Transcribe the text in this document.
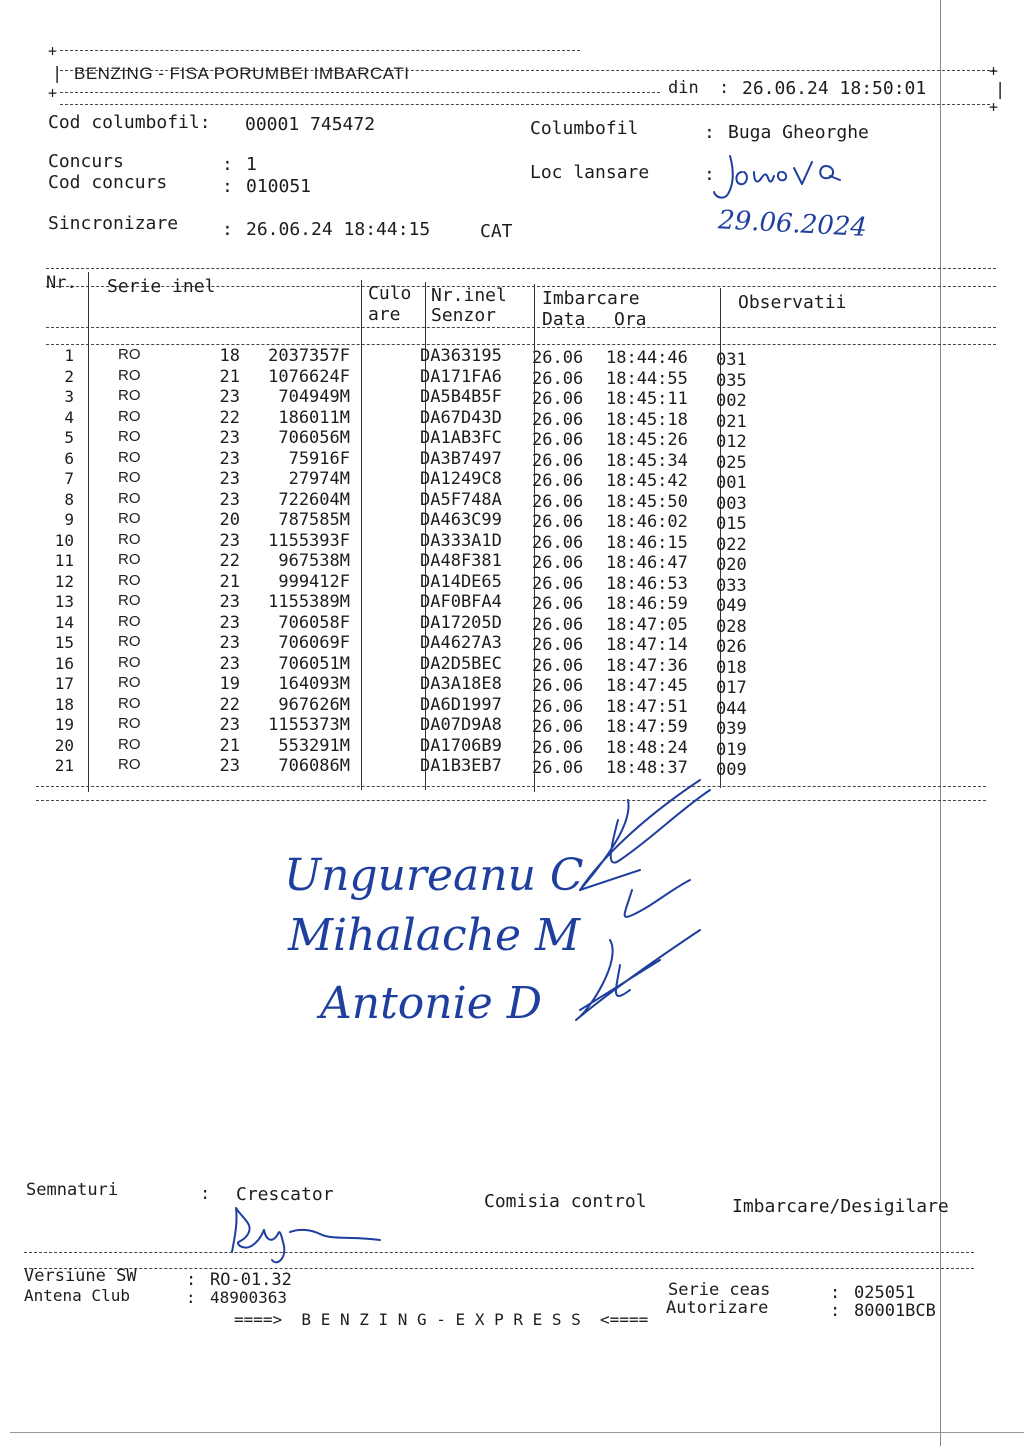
+
+
| BENZING - FISA PORUMBEI IMBARCATI
din : 26.06.24 18:50:01	|
+
+
Cod columbofil: 00001 745472	Columbofil	: Buga Gheorghe
Concurs	: 1
Cod concurs	: 010051
Loc lansare	:
Sincronizare : 26.06.24 18:44:15	CAT	29.06.2024
Nr. Serie inel	Culo
are
Nr.inel
Senzor
Imbarcare
Data Ora
Observatii
1	RO	18	2037357F	DA363195	26.06 18:44:46 031
2	RO	21	1076624F	DA171FA6	26.06 18:44:55 035
3	RO	23	704949M	DA5B4B5F	26.06 18:45:11 002
4	RO	22	186011M	DA67D43D	26.06 18:45:18 021
5	RO	23	706056M	DA1AB3FC	26.06 18:45:26 012
6	RO	23	75916F	DA3B7497	26.06 18:45:34 025
7	RO	23	27974M	DA1249C8	26.06 18:45:42 001
8	RO	23	722604M	DA5F748A	26.06 18:45:50 003
9	RO	20	787585M	DA463C99	26.06 18:46:02 015
10	RO	23	1155393F	DA333A1D	26.06 18:46:15 022
11	RO	22	967538M	DA48F381	26.06 18:46:47 020
12	RO	21	999412F	DA14DE65	26.06 18:46:53 033
13	RO	23	1155389M	DAF0BFA4	26.06 18:46:59 049
14	RO	23	706058F	DA17205D	26.06 18:47:05 028
15	RO	23	706069F	DA4627A3	26.06 18:47:14 026
16	RO	23	706051M	DA2D5BEC	26.06 18:47:36 018
17	RO	19	164093M	DA3A18E8	26.06 18:47:45 017
18	RO	22	967626M	DA6D1997	26.06 18:47:51 044
19	RO	23	1155373M	DA07D9A8	26.06 18:47:59 039
20	RO	21	553291M	DA1706B9	26.06 18:48:24 019
21	RO	23	706086M	DA1B3EB7	26.06 18:48:37 009
Ungureanu C
Mihalache M
Antonie D
Semnaturi	: Crescator	Comisia control	Imbarcare/Desigilare
Versiune SW	: RO-01.32
Antena Club	: 48900363	Serie ceas	: 025051
Autorizare	: 80001BCB
====>  B E N Z I N G - E X P R E S S  <====
